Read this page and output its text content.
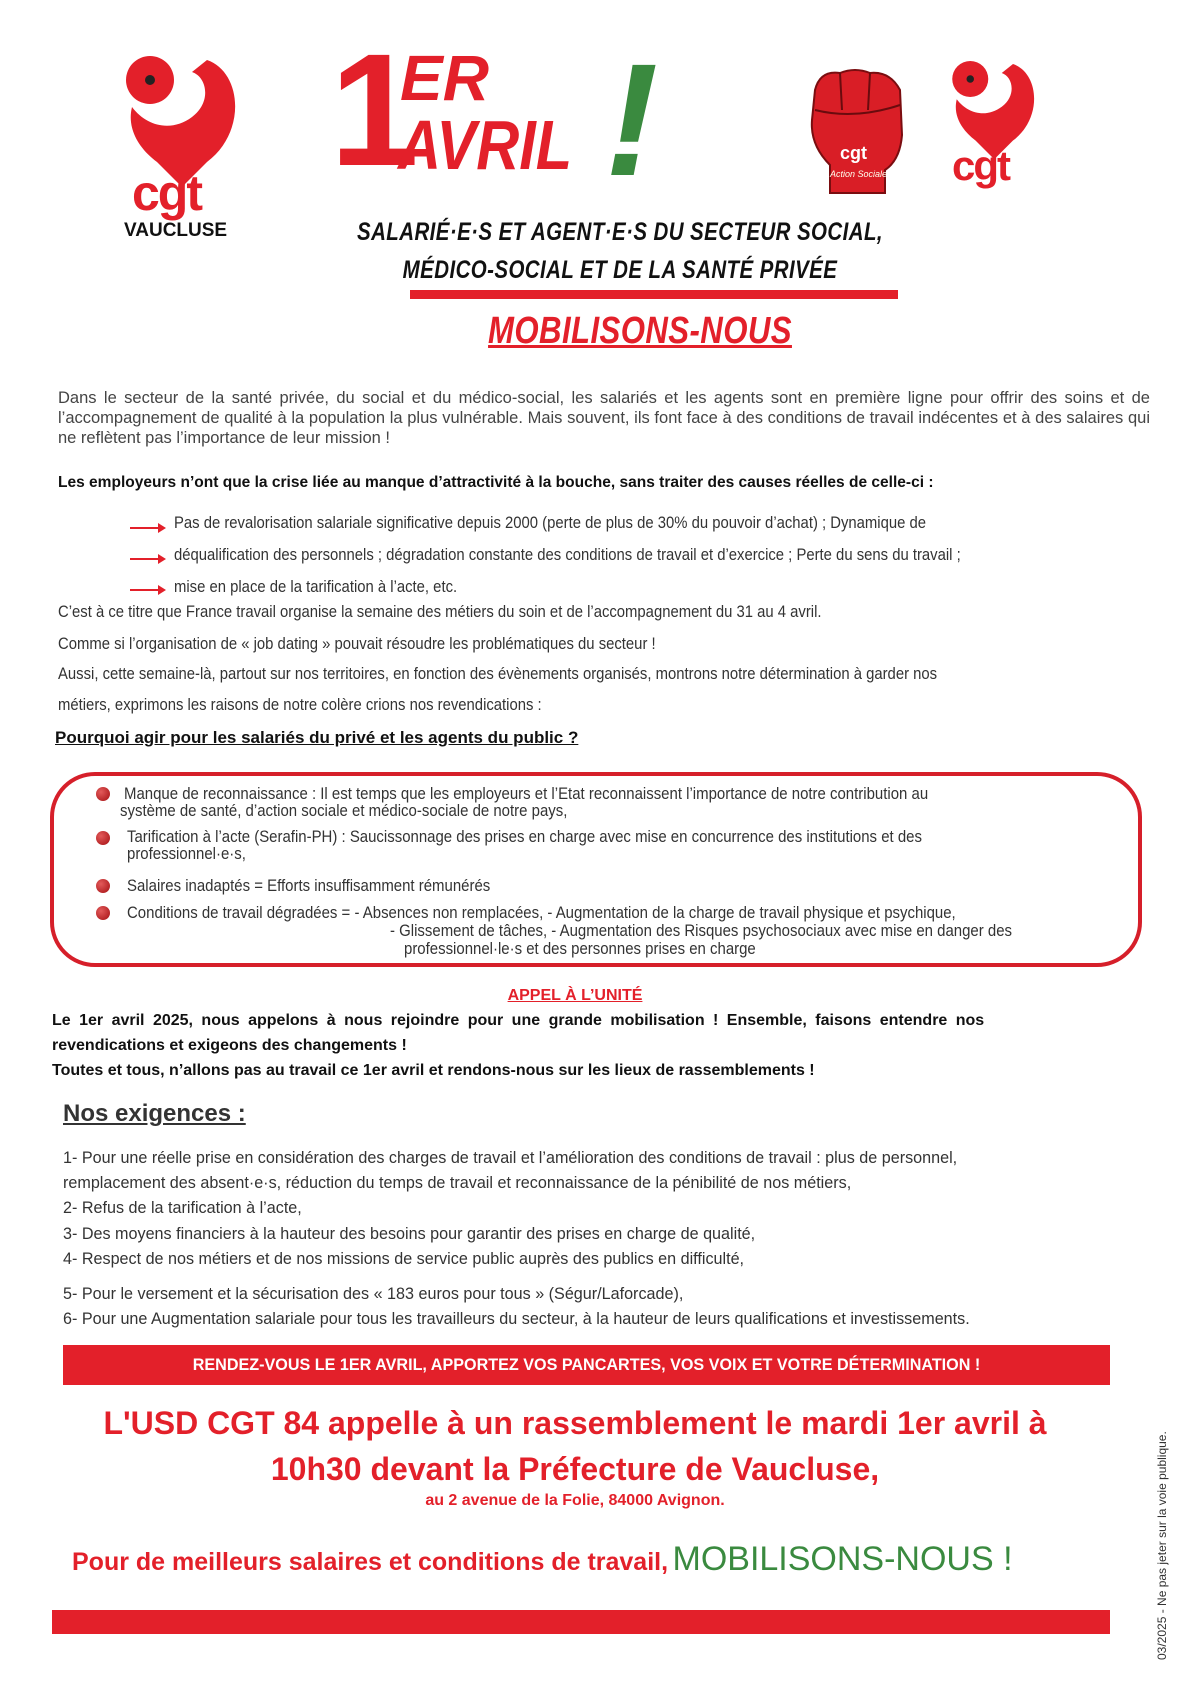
cgt
VAUCLUSE
1
ER
AVRIL !	cgt
Action Sociale cgt
SALARIÉ·E·S ET AGENT·E·S DU SECTEUR SOCIAL,
MÉDICO-SOCIAL ET DE LA SANTÉ PRIVÉE
MOBILISONS-NOUS
Dans le secteur de la santé privée, du social et du médico-social, les salariés et les agents sont en première ligne pour offrir des soins et de l’accompagnement de qualité à la population la plus vulnérable. Mais souvent, ils font face à des conditions de travail indécentes et à des salaires qui ne reflètent pas l’importance de leur mission !
Les employeurs n’ont que la crise liée au manque d’attractivité à la bouche, sans traiter des causes réelles de celle-ci :
Pas de revalorisation salariale significative depuis 2000 (perte de plus de 30% du pouvoir d’achat) ; Dynamique de
déqualification des personnels ; dégradation constante des conditions de travail et d’exercice ; Perte du sens du travail ;
mise en place de la tarification à l’acte, etc.
C’est à ce titre que France travail organise la semaine des métiers du soin et de l’accompagnement du 31 au 4 avril.
Comme si l’organisation de « job dating » pouvait résoudre les problématiques du secteur !
Aussi, cette semaine-là, partout sur nos territoires, en fonction des évènements organisés, montrons notre détermination à garder nos
métiers, exprimons les raisons de notre colère crions nos revendications :
Pourquoi agir pour les salariés du privé et les agents du public ?
Manque de reconnaissance : Il est temps que les employeurs et l’Etat reconnaissent l’importance de notre contribution au
système de santé, d’action sociale et médico-sociale de notre pays,
Tarification à l’acte (Serafin-PH) : Saucissonnage des prises en charge avec mise en concurrence des institutions et des
professionnel·e·s,
Salaires inadaptés = Efforts insuffisamment rémunérés
Conditions de travail dégradées = - Absences non remplacées, - Augmentation de la charge de travail physique et psychique,
- Glissement de tâches, - Augmentation des Risques psychosociaux avec mise en danger des
professionnel·le·s et des personnes prises en charge
APPEL À L’UNITÉ
Le 1er avril 2025, nous appelons à nous rejoindre pour une grande mobilisation ! Ensemble, faisons entendre nos
revendications et exigeons des changements !
Toutes et tous, n’allons pas au travail ce 1er avril et rendons-nous sur les lieux de rassemblements !
Nos exigences :
1- Pour une réelle prise en considération des charges de travail et l’amélioration des conditions de travail : plus de personnel,
remplacement des absent·e·s, réduction du temps de travail et reconnaissance de la pénibilité de nos métiers,
2- Refus de la tarification à l’acte,
3- Des moyens financiers à la hauteur des besoins pour garantir des prises en charge de qualité,
4- Respect de nos métiers et de nos missions de service public auprès des publics en difficulté,
5- Pour le versement et la sécurisation des « 183 euros pour tous » (Ségur/Laforcade),
6- Pour une Augmentation salariale pour tous les travailleurs du secteur, à la hauteur de leurs qualifications et investissements.
RENDEZ-VOUS LE 1ER AVRIL, APPORTEZ VOS PANCARTES, VOS VOIX ET VOTRE DÉTERMINATION !
L'USD CGT 84 appelle à un rassemblement le mardi 1er avril à
10h30 devant la Préfecture de Vaucluse,
au 2 avenue de la Folie, 84000 Avignon.
Pour de meilleurs salaires et conditions de travail, MOBILISONS-NOUS !	03/2025 - Ne pas jeter sur la voie publique.
